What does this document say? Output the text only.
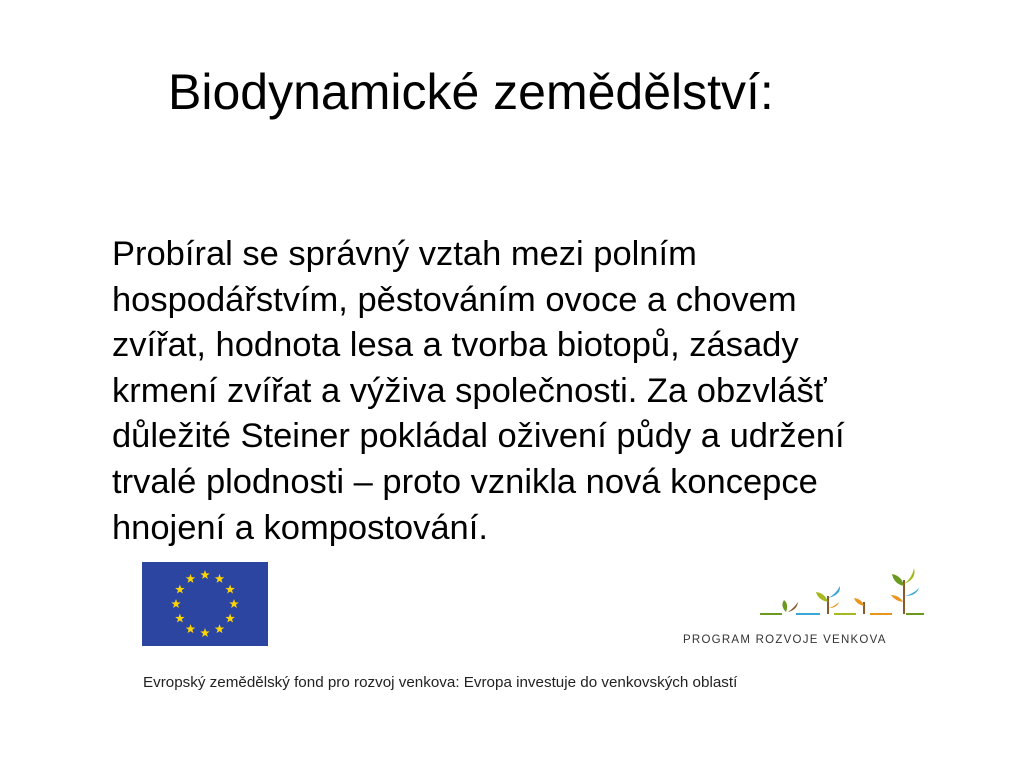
Biodynamické zemědělství:
Probíral se správný vztah mezi polním
hospodářstvím, pěstováním ovoce a chovem
zvířat, hodnota lesa a tvorba biotopů, zásady
krmení zvířat a výživa společnosti. Za obzvlášť
důležité Steiner pokládal oživení půdy a udržení
trvalé plodnosti – proto vznikla nová koncepce
hnojení a kompostování.
PROGRAM ROZVOJE VENKOVA
Evropský zemědělský fond pro rozvoj venkova: Evropa investuje do venkovských oblastí
